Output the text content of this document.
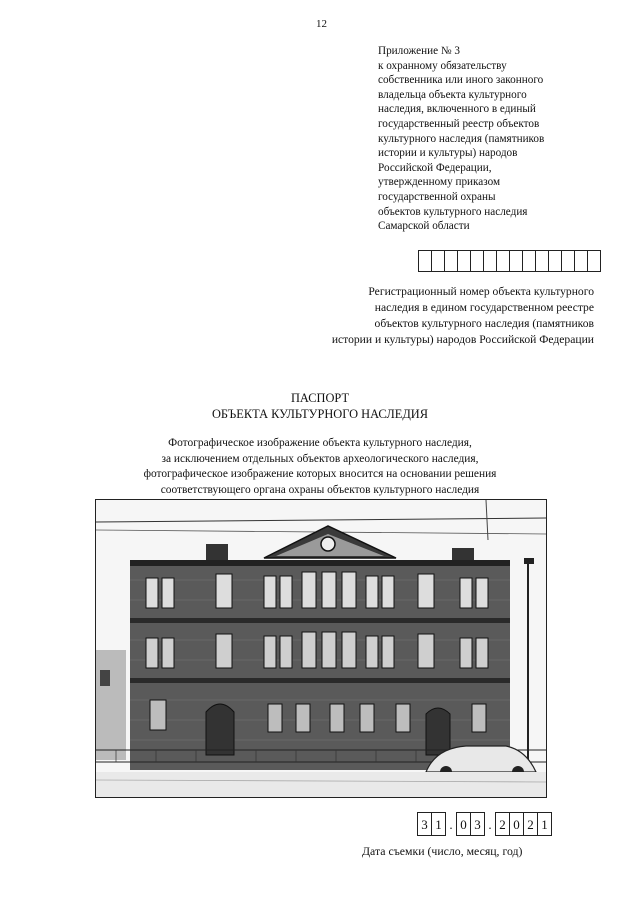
12
Приложение № 3
к охранному обязательству
собственника или иного законного
владельца объекта культурного
наследия, включенного в единый
государственный реестр объектов
культурного наследия (памятников
истории и культуры) народов
Российской Федерации,
утвержденному приказом
государственной охраны
объектов культурного наследия
Самарской области
Регистрационный номер объекта культурного
наследия в едином государственном реестре
объектов культурного наследия (памятников
истории и культуры) народов Российской Федерации
ПАСПОРТ
ОБЪЕКТА КУЛЬТУРНОГО НАСЛЕДИЯ
Фотографическое изображение объекта культурного наследия,
за исключением отдельных объектов археологического наследия,
фотографическое изображение которых вносится на основании решения
соответствующего органа охраны объектов культурного наследия
3 1 . 0 3 . 2 0 2 1
Дата съемки (число, месяц, год)
